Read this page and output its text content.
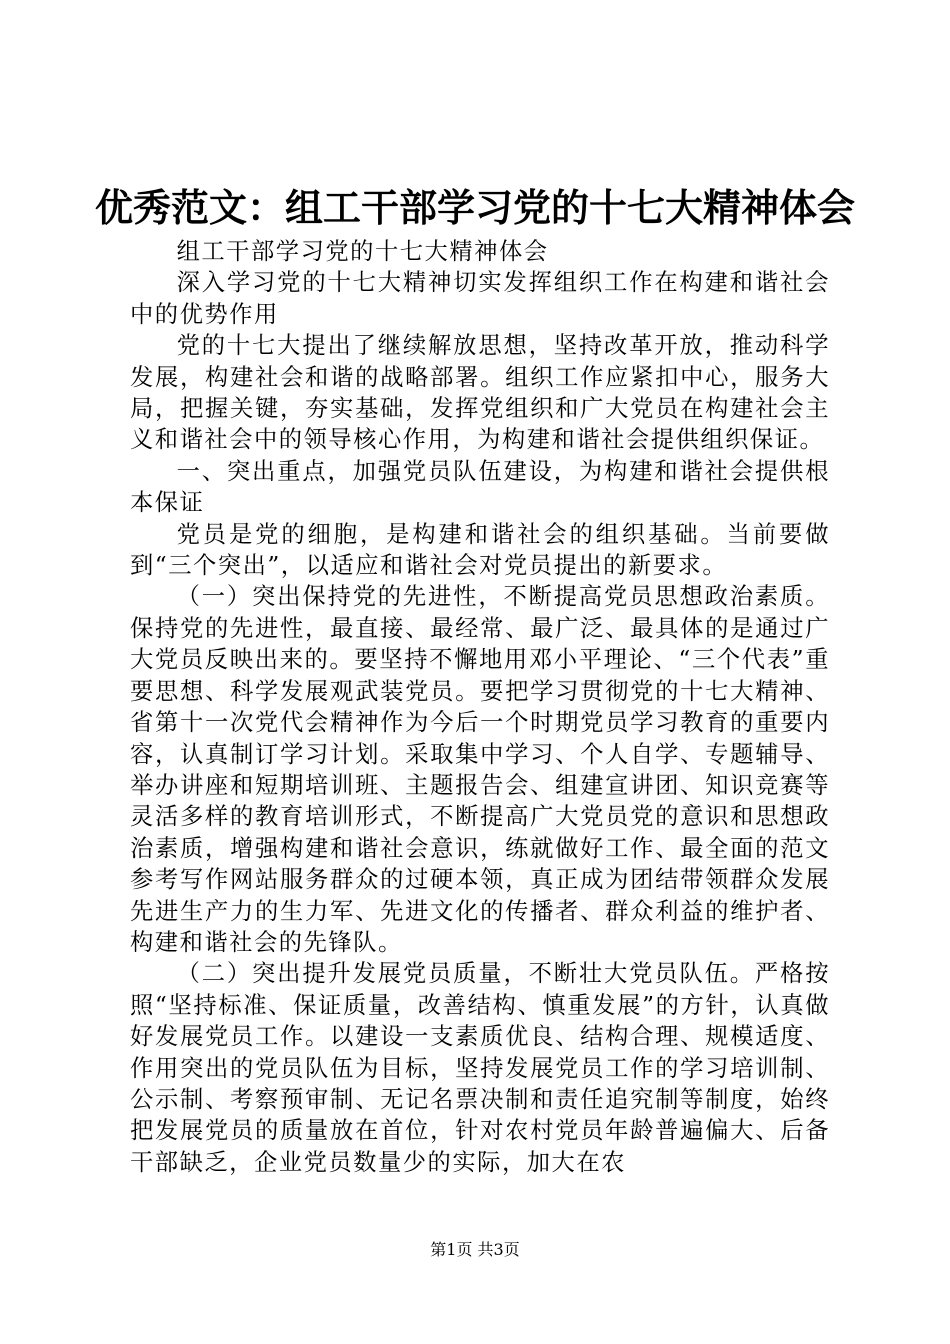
优秀范文：组工干部学习党的十七大精神体会

组工干部学习党的十七大精神体会

深入学习党的十七大精神切实发挥组织工作在构建和谐社会中的优势作用

党的十七大提出了继续解放思想，坚持改革开放，推动科学发展，构建社会和谐的战略部署。组织工作应紧扣中心，服务大局，把握关键，夯实基础，发挥党组织和广大党员在构建社会主义和谐社会中的领导核心作用，为构建和谐社会提供组织保证。

一、突出重点，加强党员队伍建设，为构建和谐社会提供根本保证

党员是党的细胞，是构建和谐社会的组织基础。当前要做到“三个突出”，以适应和谐社会对党员提出的新要求。

（一）突出保持党的先进性，不断提高党员思想政治素质。保持党的先进性，最直接、最经常、最广泛、最具体的是通过广大党员反映出来的。要坚持不懈地用邓小平理论、“三个代表”重要思想、科学发展观武装党员。要把学习贯彻党的十七大精神、省第十一次党代会精神作为今后一个时期党员学习教育的重要内容，认真制订学习计划。采取集中学习、个人自学、专题辅导、举办讲座和短期培训班、主题报告会、组建宣讲团、知识竞赛等灵活多样的教育培训形式，不断提高广大党员党的意识和思想政治素质，增强构建和谐社会意识，练就做好工作、最全面的范文参考写作网站服务群众的过硬本领，真正成为团结带领群众发展先进生产力的生力军、先进文化的传播者、群众利益的维护者、构建和谐社会的先锋队。

（二）突出提升发展党员质量，不断壮大党员队伍。严格按照“坚持标准、保证质量，改善结构、慎重发展”的方针，认真做好发展党员工作。以建设一支素质优良、结构合理、规模适度、作用突出的党员队伍为目标，坚持发展党员工作的学习培训制、公示制、考察预审制、无记名票决制和责任追究制等制度，始终把发展党员的质量放在首位，针对农村党员年龄普遍偏大、后备干部缺乏，企业党员数量少的实际，加大在农

第1页 共3页
